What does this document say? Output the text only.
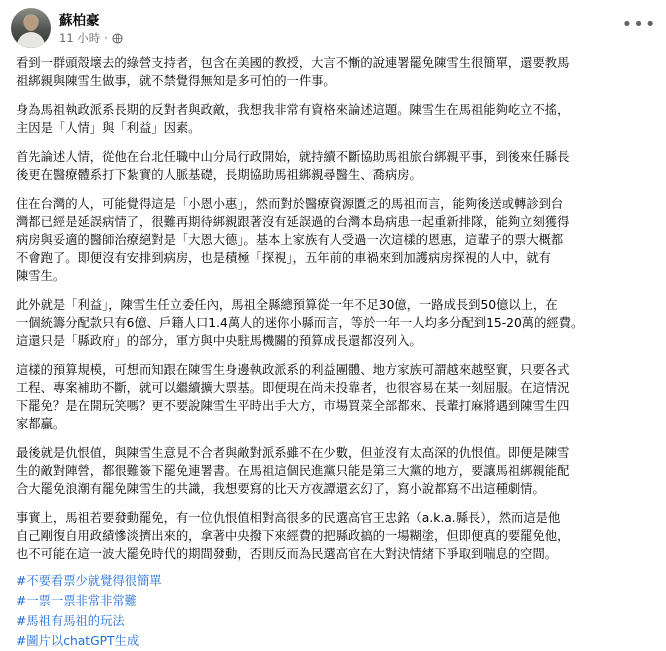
蘇柏豪
11 小時 ·
•••

看到一群頭殼壞去的綠營支持者，包含在美國的教授，大言不慚的說連署罷免陳雪生很簡單，還要教馬
祖綁親與陳雪生做事，就不禁覺得無知是多可怕的一件事。

身為馬祖執政派系長期的反對者與政敵，我想我非常有資格來論述這題。陳雪生在馬祖能夠屹立不搖，
主因是「人情」與「利益」因素。

首先論述人情，從他在台北任職中山分局行政開始，就持續不斷協助馬祖旅台綁親平事，到後來任縣長
後更在醫療體系打下紮實的人脈基礎，長期協助馬祖綁親尋醫生、喬病房。

住在台灣的人，可能覺得這是「小恩小惠」，然而對於醫療資源匱乏的馬祖而言，能夠後送或轉診到台
灣都已經是延誤病情了，很難再期待綁親跟著沒有延誤過的台灣本島病患一起重新排隊，能夠立刻獲得
病房與妥適的醫師治療絕對是「大恩大德」。基本上家族有人受過一次這樣的恩惠，這輩子的票大概都
不會跑了。即便沒有安排到病房，也是積極「探視」，五年前的車禍來到加護病房探視的人中，就有
陳雪生。

此外就是「利益」，陳雪生任立委任內，馬祖全縣總預算從一年不足30億，一路成長到50億以上，在
一個統籌分配款只有6億、戶籍人口1.4萬人的迷你小縣而言，等於一年一人均多分配到15-20萬的經費。
這還只是「縣政府」的部分，軍方與中央駐馬機關的預算成長還都沒列入。

這樣的預算規模，可想而知跟在陳雪生身邊執政派系的利益團體、地方家族可謂越來越堅實，只要各式
工程、專案補助不斷，就可以繼續擴大票基。即便現在尚未投靠者，也很容易在某一刻屈服。在這情況
下罷免？是在開玩笑嗎？更不要說陳雪生平時出手大方，市場買菜全部都來、長輩打麻將遇到陳雪生四
家都贏。

最後就是仇恨值，與陳雪生意見不合者與敵對派系雖不在少數，但並沒有太高深的仇恨值。即便是陳雪
生的敵對陣營，都很難簽下罷免連署書。在馬祖這個民進黨只能是第三大黨的地方，要讓馬祖綁親能配
合大罷免浪潮有罷免陳雪生的共識，我想要寫的比天方夜譚還玄幻了，寫小說都寫不出這種劇情。

事實上，馬祖若要發動罷免，有一位仇恨值相對高很多的民選高官王忠銘（a.k.a.縣長），然而這是他
自己剛復自用政績慘淡擠出來的，拿著中央撥下來經費的把縣政搞的一場糊塗，但即便真的要罷免他，
也不可能在這一波大罷免時代的期間發動，否則反而為民選高官在大對決情緒下爭取到喘息的空間。

#不要看票少就覺得很簡單
#一票一票非常非常難
#馬祖有馬祖的玩法
#圖片以chatGPT生成
